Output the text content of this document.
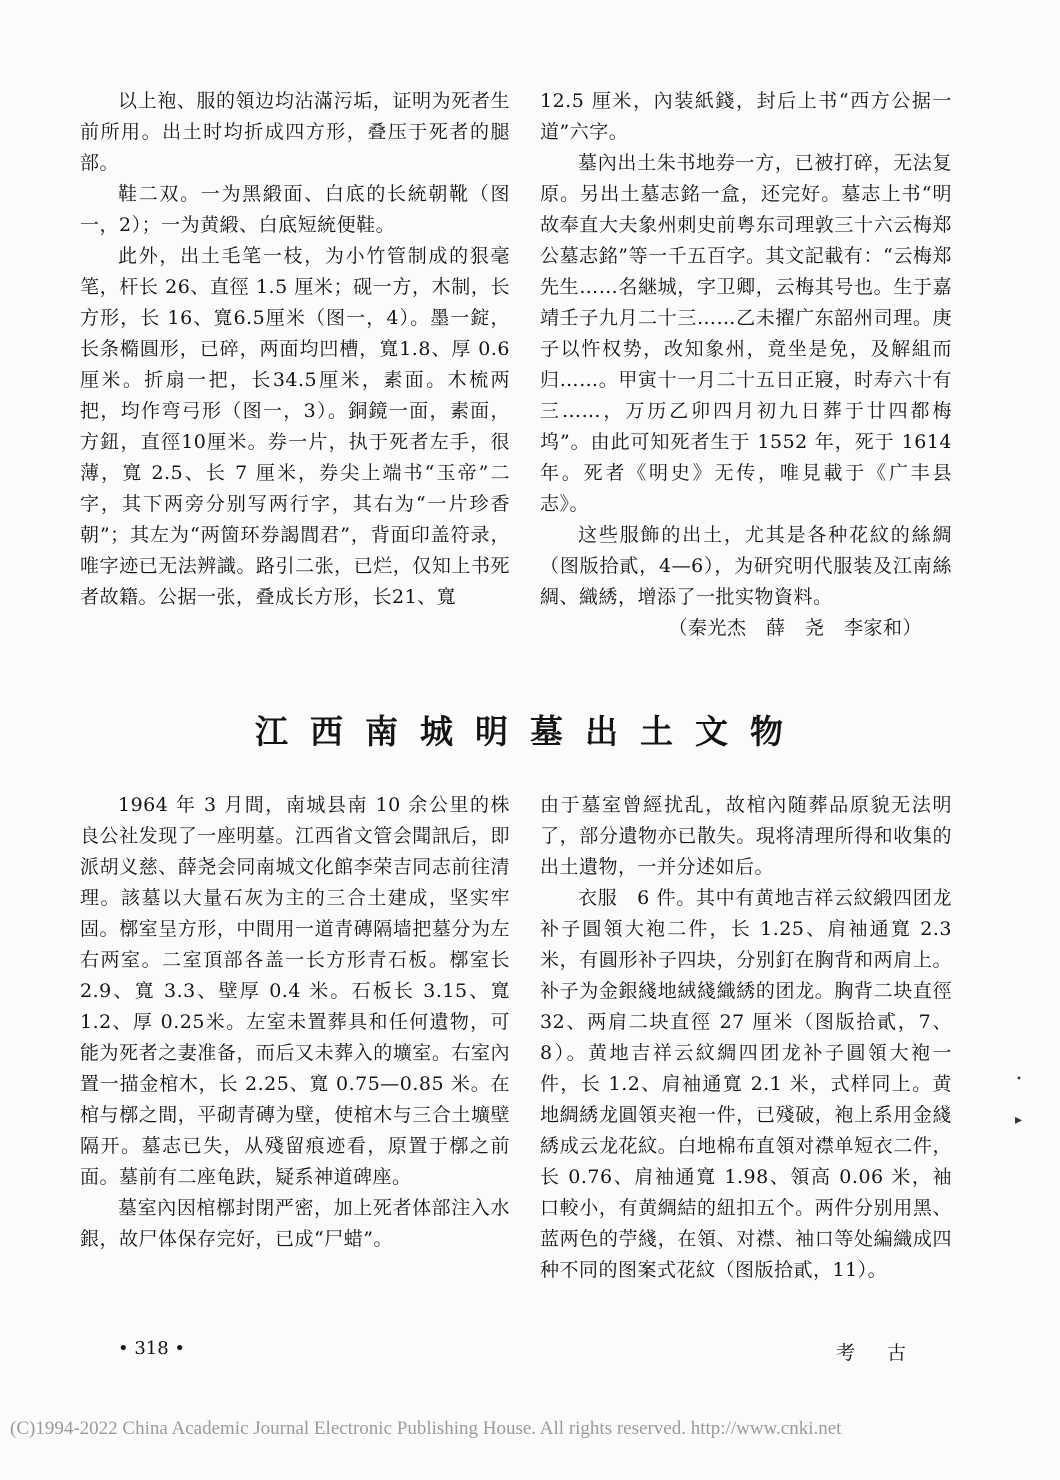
以上袍、服的領边均沾滿污垢，证明为死者生前所用。出土时均折成四方形，叠压于死者的腿部。

鞋二双。一为黑緞面、白底的长統朝靴（图一，2）；一为黄緞、白底短統便鞋。

此外，出土毛笔一枝，为小竹管制成的狠毫笔，杆长 26、直徑 1.5 厘米；砚一方，木制，长方形，长 16、寬6.5厘米（图一，4）。墨一錠，长条橢圓形，已碎，两面均凹槽，寬1.8、厚 0.6厘米。折扇一把，长34.5厘米，素面。木梳两把，均作弯弓形（图一，3）。銅鏡一面，素面，方鈕，直徑10厘米。券一片，执于死者左手，很薄，寬 2.5、长 7 厘米，券尖上端书“玉帝”二字，其下两旁分别写两行字，其右为“一片珍香朝”；其左为“两箇环券謁閭君”，背面印盖符录，唯字迹已无法辨識。路引二张，已烂，仅知上书死者故籍。公据一张，叠成长方形，长21、寬

12.5 厘米，內装紙錢，封后上书“西方公据一道”六字。

墓內出土朱书地券一方，已被打碎，无法复原。另出土墓志銘一盒，还完好。墓志上书“明故奉直大夫象州刺史前粤东司理敦三十六云梅郑公墓志銘”等一千五百字。其文記載有：“云梅郑先生……名継城，字卫卿，云梅其号也。生于嘉靖壬子九月二十三……乙未擢广东韶州司理。庚子以忤权势，改知象州，竟坐是免，及解組而归……。甲寅十一月二十五日正寢，时寿六十有三……，万历乙卯四月初九日葬于廿四都梅坞”。由此可知死者生于 1552 年，死于 1614 年。死者《明史》无传，唯見載于《广丰县志》。

这些服飾的出土，尤其是各种花紋的絲綢（图版拾貳，4—6），为研究明代服装及江南絲綢、織綉，增添了一批实物資料。

（秦光杰　薛　尧　李家和）
江西南城明墓出土文物

1964 年 3 月間，南城县南 10 余公里的株良公社发现了一座明墓。江西省文管会聞訊后，即派胡义慈、薛尧会同南城文化館李荣吉同志前往清理。該墓以大量石灰为主的三合土建成，坚实牢固。槨室呈方形，中間用一道青磚隔墙把墓分为左右两室。二室頂部各盖一长方形青石板。槨室长 2.9、寬 3.3、壁厚 0.4 米。石板长 3.15、寬 1.2、厚 0.25米。左室未置葬具和任何遺物，可能为死者之妻准备，而后又未葬入的壙室。右室內置一描金棺木，长 2.25、寬 0.75—0.85 米。在棺与槨之間，平砌青磚为壁，使棺木与三合土壙壁隔开。墓志已失，从殘留痕迹看，原置于槨之前面。墓前有二座龟趺，疑系神道碑座。

墓室內因棺槨封閉严密，加上死者体部注入水銀，故尸体保存完好，已成“尸蜡”。

由于墓室曾經扰乱，故棺內随葬品原貌无法明了，部分遺物亦已散失。現将清理所得和收集的出土遺物，一并分述如后。

衣服　6 件。其中有黄地吉祥云紋緞四团龙补子圓領大袍二件，长 1.25、肩袖通寬 2.3 米，有圓形补子四块，分别釘在胸背和两肩上。补子为金銀綫地絨綫織綉的团龙。胸背二块直徑 32、两肩二块直徑 27 厘米（图版拾貳，7、8）。黄地吉祥云紋綢四团龙补子圓領大袍一件，长 1.2、肩袖通寬 2.1 米，式样同上。黄地綢綉龙圓領夹袍一件，已殘破，袍上系用金綫綉成云龙花紋。白地棉布直領对襟单短衣二件，长 0.76、肩袖通寬 1.98、領高 0.06 米，袖口較小，有黄綢結的紐扣五个。两件分别用黑、蓝两色的苧綫，在領、对襟、袖口等处編織成四种不同的图案式花紋（图版拾貳，11）。

▸
•
• 318 •	考古
(C)1994-2022 China Academic Journal Electronic Publishing House. All rights reserved. http://www.cnki.net
